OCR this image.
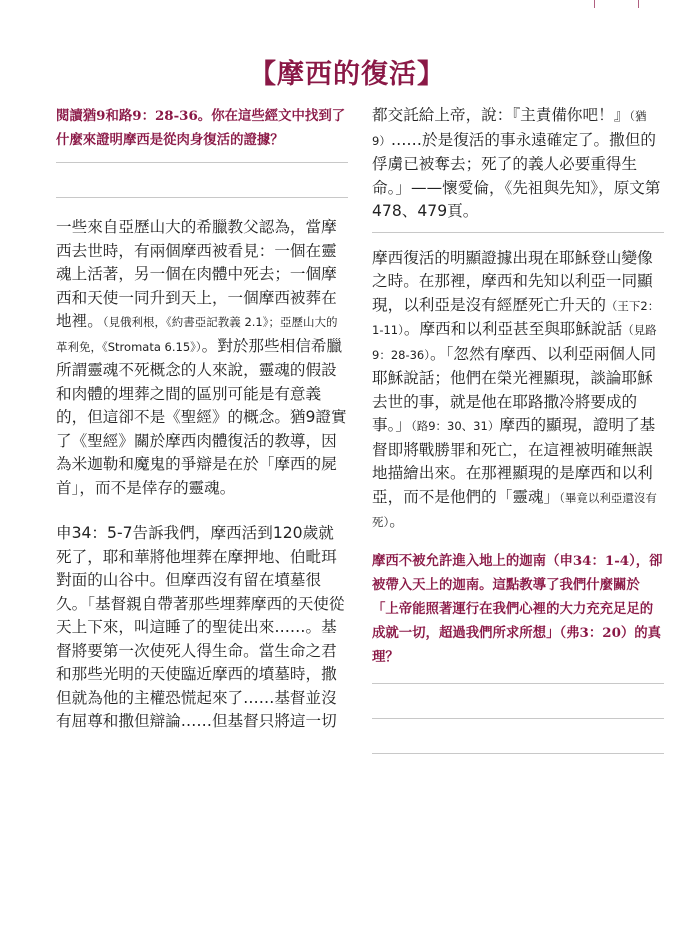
【摩西的復活】
閱讀猶9和路9：28-36。你在這些經文中找到了什麼來證明摩西是從肉身復活的證據？

一些來自亞歷山大的希臘教父認為，當摩西去世時，有兩個摩西被看見：一個在靈魂上活著，另一個在肉體中死去；一個摩西和天使一同升到天上，一個摩西被葬在地裡。（見俄利根，《約書亞記教義 2.1》；亞歷山大的革利免，《Stromata 6.15》）。對於那些相信希臘所謂靈魂不死概念的人來說，靈魂的假設和肉體的埋葬之間的區別可能是有意義的，但這卻不是《聖經》的概念。猶9證實了《聖經》關於摩西肉體復活的教導，因為米迦勒和魔鬼的爭辯是在於「摩西的屍首」，而不是倖存的靈魂。

申34：5-7告訴我們，摩西活到120歲就死了，耶和華將他埋葬在摩押地、伯毗珥對面的山谷中。但摩西沒有留在墳墓很久。「基督親自帶著那些埋葬摩西的天使從天上下來，叫這睡了的聖徒出來……。基督將要第一次使死人得生命。當生命之君和那些光明的天使臨近摩西的墳墓時，撒但就為他的主權恐慌起來了……基督並沒有屈尊和撒但辯論……但基督只將這一切

都交託給上帝，說：『主責備你吧！』（猶9）……於是復活的事永遠確定了。撒但的俘虜已被奪去；死了的義人必要重得生命。」——懷愛倫，《先祖與先知》，原文第478、479頁。

摩西復活的明顯證據出現在耶穌登山變像之時。在那裡，摩西和先知以利亞一同顯現，以利亞是沒有經歷死亡升天的（王下2：1-11）。摩西和以利亞甚至與耶穌說話（見路9：28-36）。「忽然有摩西、以利亞兩個人同耶穌說話；他們在榮光裡顯現，談論耶穌去世的事，就是他在耶路撒冷將要成的事。」（路9：30、31）摩西的顯現，證明了基督即將戰勝罪和死亡，在這裡被明確無誤地描繪出來。在那裡顯現的是摩西和以利亞，而不是他們的「靈魂」（畢竟以利亞還沒有死）。

摩西不被允許進入地上的迦南（申34：1-4），卻被帶入天上的迦南。這點教導了我們什麼關於「上帝能照著運行在我們心裡的大力充充足足的成就一切，超過我們所求所想」（弗3：20）的真理？
